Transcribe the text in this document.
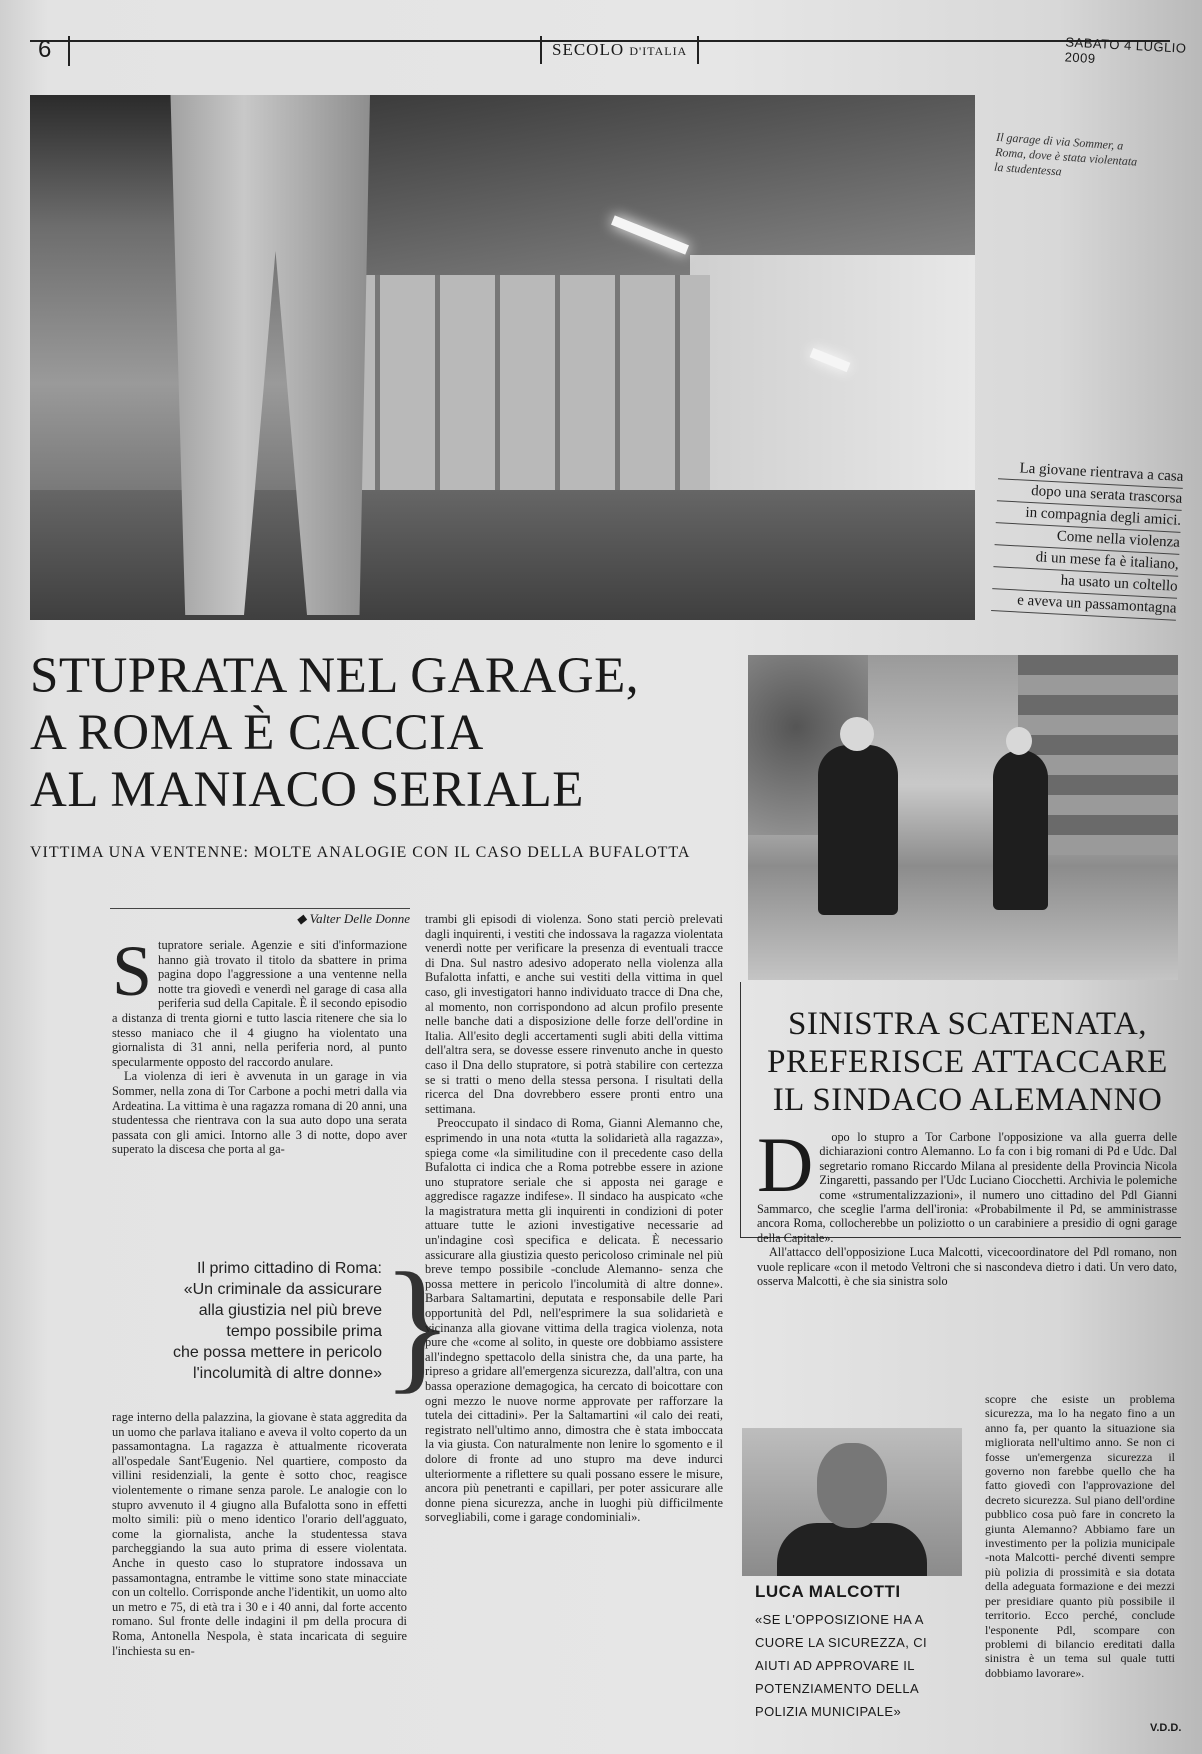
6	SECOLO D'ITALIA	SABATO 4 LUGLIO 2009
Il garage di via Sommer, a Roma, dove è stata violentata la studentessa
La giovane rientrava a casa
dopo una serata trascorsa
in compagnia degli amici.
Come nella violenza
di un mese fa è italiano,
ha usato un coltello
e aveva un passamontagna
STUPRATA NEL GARAGE,
A ROMA È CACCIA
AL MANIACO SERIALE
VITTIMA UNA VENTENNE: MOLTE ANALOGIE CON IL CASO DELLA BUFALOTTA
◆ Valter Delle Donne
S tupratore seriale. Agenzie e siti d'informazione hanno già trovato il titolo da sbattere in prima pagina dopo l'aggressione a una ventenne nella notte tra giovedì e venerdì nel garage di casa alla periferia sud della Capitale. È il secondo episodio a distanza di trenta giorni e tutto lascia ritenere che sia lo stesso maniaco che il 4 giugno ha violentato una giornalista di 31 anni, nella periferia nord, al punto specularmente opposto del raccordo anulare.

La violenza di ieri è avvenuta in un garage in via Sommer, nella zona di Tor Carbone a pochi metri dalla via Ardeatina. La vittima è una ragazza romana di 20 anni, una studentessa che rientrava con la sua auto dopo una serata passata con gli amici. Intorno alle 3 di notte, dopo aver superato la discesa che porta al ga-

Il primo cittadino di Roma:
«Un criminale da assicurare
alla giustizia nel più breve
tempo possibile prima
che possa mettere in pericolo
l'incolumità di altre donne» }

rage interno della palazzina, la giovane è stata aggredita da un uomo che parlava italiano e aveva il volto coperto da un passamontagna. La ragazza è attualmente ricoverata all'ospedale Sant'Eugenio. Nel quartiere, composto da villini residenziali, la gente è sotto choc, reagisce violentemente o rimane senza parole. Le analogie con lo stupro avvenuto il 4 giugno alla Bufalotta sono in effetti molto simili: più o meno identico l'orario dell'agguato, come la giornalista, anche la studentessa stava parcheggiando la sua auto prima di essere violentata. Anche in questo caso lo stupratore indossava un passamontagna, entrambe le vittime sono state minacciate con un coltello. Corrisponde anche l'identikit, un uomo alto un metro e 75, di età tra i 30 e i 40 anni, dal forte accento romano. Sul fronte delle indagini il pm della procura di Roma, Antonella Nespola, è stata incaricata di seguire l'inchiesta su en-

trambi gli episodi di violenza. Sono stati perciò prelevati dagli inquirenti, i vestiti che indossava la ragazza violentata venerdì notte per verificare la presenza di eventuali tracce di Dna. Sul nastro adesivo adoperato nella violenza alla Bufalotta infatti, e anche sui vestiti della vittima in quel caso, gli investigatori hanno individuato tracce di Dna che, al momento, non corrispondono ad alcun profilo presente nelle banche dati a disposizione delle forze dell'ordine in Italia. All'esito degli accertamenti sugli abiti della vittima dell'altra sera, se dovesse essere rinvenuto anche in questo caso il Dna dello stupratore, si potrà stabilire con certezza se si tratti o meno della stessa persona. I risultati della ricerca del Dna dovrebbero essere pronti entro una settimana.

Preoccupato il sindaco di Roma, Gianni Alemanno che, esprimendo in una nota «tutta la solidarietà alla ragazza», spiega come «la similitudine con il precedente caso della Bufalotta ci indica che a Roma potrebbe essere in azione uno stupratore seriale che si apposta nei garage e aggredisce ragazze indifese». Il sindaco ha auspicato «che la magistratura metta gli inquirenti in condizioni di poter attuare tutte le azioni investigative necessarie ad un'indagine così specifica e delicata. È necessario assicurare alla giustizia questo pericoloso criminale nel più breve tempo possibile -conclude Alemanno- senza che possa mettere in pericolo l'incolumità di altre donne». Barbara Saltamartini, deputata e responsabile delle Pari opportunità del Pdl, nell'esprimere la sua solidarietà e vicinanza alla giovane vittima della tragica violenza, nota pure che «come al solito, in queste ore dobbiamo assistere all'indegno spettacolo della sinistra che, da una parte, ha ripreso a gridare all'emergenza sicurezza, dall'altra, con una bassa operazione demagogica, ha cercato di boicottare con ogni mezzo le nuove norme approvate per rafforzare la tutela dei cittadini». Per la Saltamartini «il calo dei reati, registrato nell'ultimo anno, dimostra che è stata imboccata la via giusta. Con naturalmente non lenire lo sgomento e il dolore di fronte ad uno stupro ma deve indurci ulteriormente a riflettere su quali possano essere le misure, ancora più penetranti e capillari, per poter assicurare alle donne piena sicurezza, anche in luoghi più difficilmente sorvegliabili, come i garage condominiali».

SINISTRA SCATENATA,
PREFERISCE ATTACCARE
IL SINDACO ALEMANNO
D	opo lo stupro a Tor Carbone l'opposizione va alla guerra delle dichiarazioni contro Alemanno. Lo fa con i big romani di Pd e Udc. Dal segretario romano Riccardo Milana al presidente della Provincia Nicola Zingaretti, passando per l'Udc Luciano Ciocchetti. Archivia le polemiche come «strumentalizzazioni», il numero uno cittadino del Pdl Gianni Sammarco, che sceglie l'arma dell'ironia: «Probabilmente il Pd, se amministrasse ancora Roma, collocherebbe un poliziotto o un carabiniere a presidio di ogni garage della Capitale».

All'attacco dell'opposizione Luca Malcotti, vicecoordinatore del Pdl romano, non vuole replicare «con il metodo Veltroni che si nascondeva dietro i dati. Un vero dato, osserva Malcotti, è che sia sinistra solo

scopre che esiste un problema sicurezza, ma lo ha negato fino a un anno fa, per quanto la situazione sia migliorata nell'ultimo anno. Se non ci fosse un'emergenza sicurezza il governo non farebbe quello che ha fatto giovedì con l'approvazione del decreto sicurezza. Sul piano dell'ordine pubblico cosa può fare in concreto la giunta Alemanno? Abbiamo fare un investimento per la polizia municipale -nota Malcotti- perché diventi sempre più polizia di prossimità e sia dotata della adeguata formazione e dei mezzi per presidiare quanto più possibile il territorio. Ecco perché, conclude l'esponente Pdl, scompare con problemi di bilancio ereditati dalla sinistra è un tema sul quale tutti dobbiamo lavorare».
LUCA MALCOTTI
«SE L'OPPOSIZIONE HA A CUORE LA SICUREZZA, CI AIUTI AD APPROVARE IL POTENZIAMENTO DELLA POLIZIA MUNICIPALE»
V.D.D.
